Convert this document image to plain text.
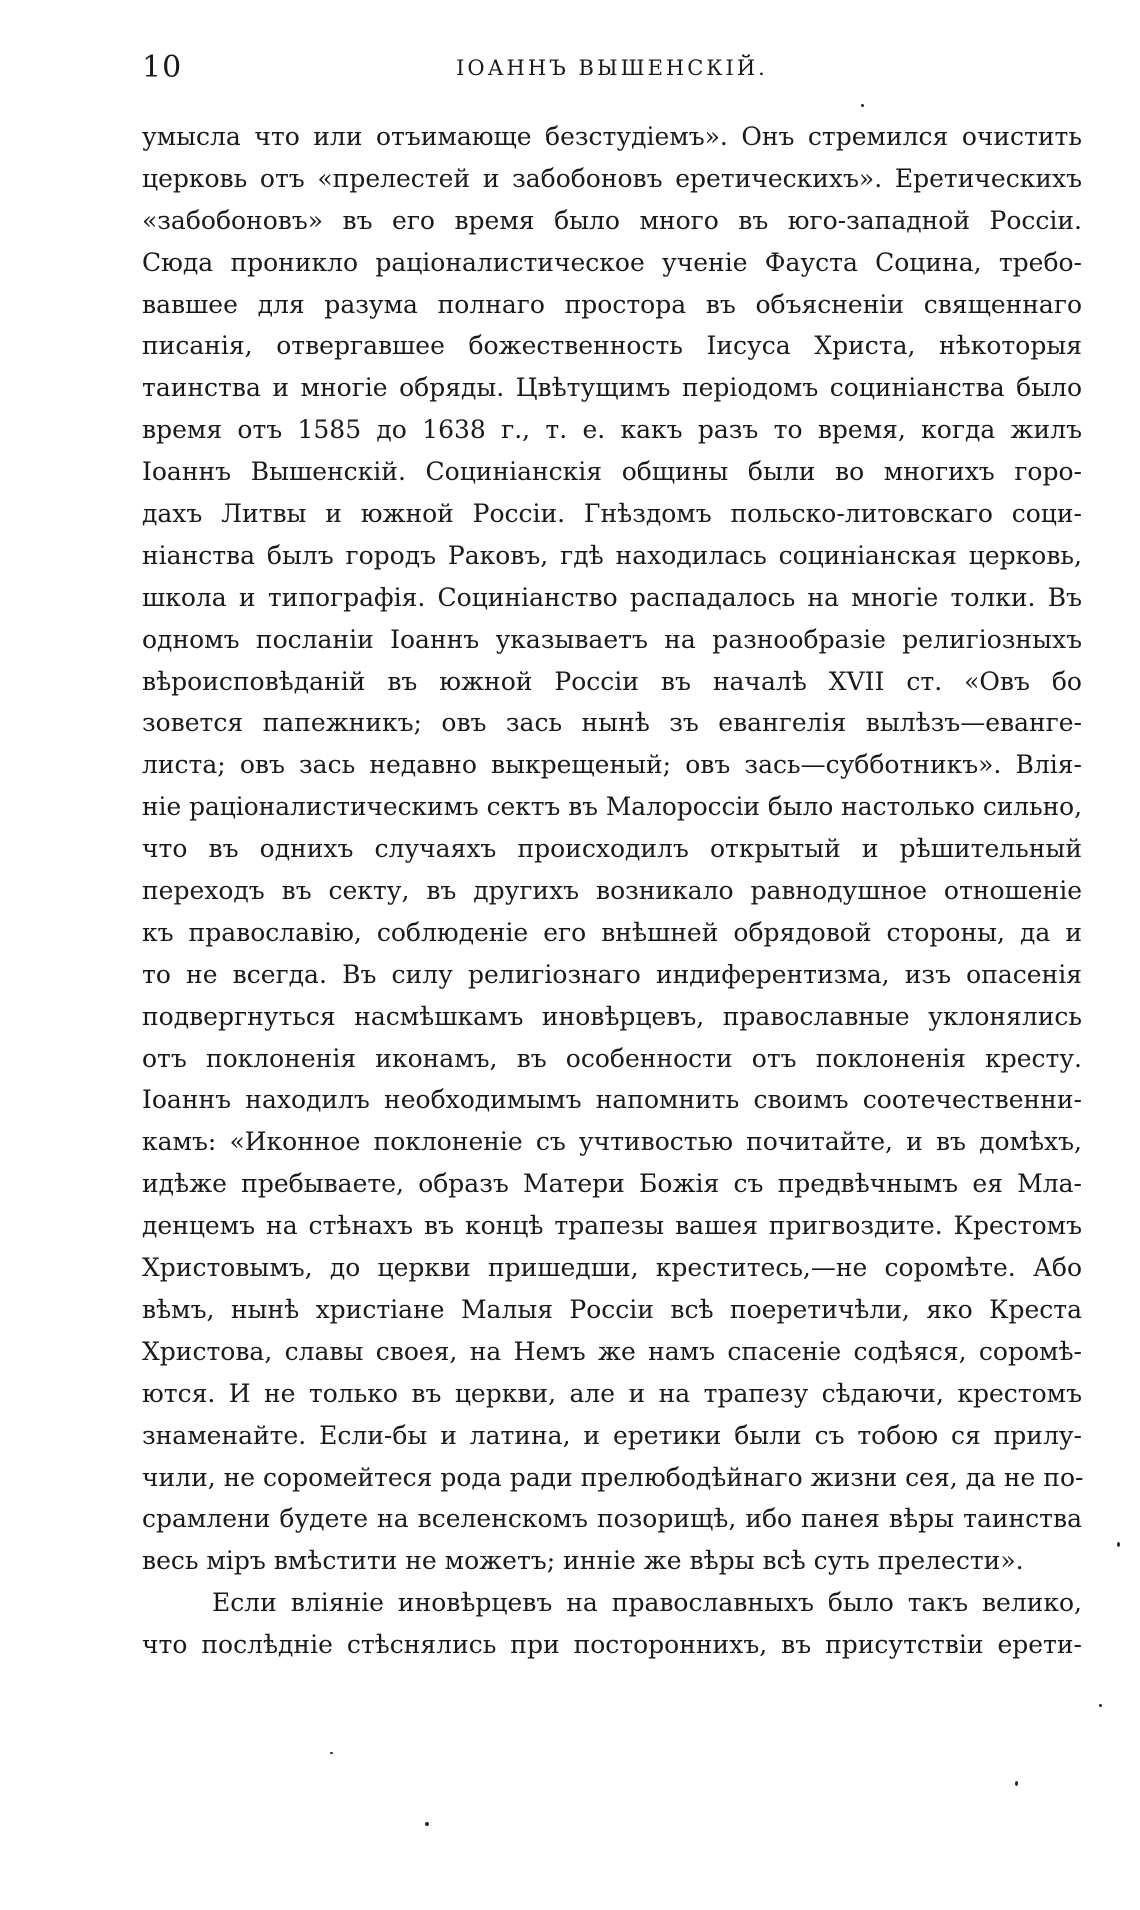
10	ІОАННЪ ВЫШЕНСКІЙ.
умысла что или отъимающе безстудіемъ». Онъ стремился очистить
церковь отъ «прелестей и забобоновъ еретическихъ». Еретическихъ
«забобоновъ» въ его время было много въ юго-западной Россіи.
Сюда проникло раціоналистическое ученіе Фауста Социна, требо-
вавшее для разума полнаго простора въ объясненіи священнаго
писанія, отвергавшее божественность Іисуса Христа, нѣкоторыя
таинства и многіе обряды. Цвѣтущимъ періодомъ социніанства было
время отъ 1585 до 1638 г., т. е. какъ разъ то время, когда жилъ
Іоаннъ Вышенскій. Социніанскія общины были во многихъ горо-
дахъ Литвы и южной Россіи. Гнѣздомъ польско-литовскаго соци-
ніанства былъ городъ Раковъ, гдѣ находилась социніанская церковь,
школа и типографія. Социніанство распадалось на многіе толки. Въ
одномъ посланіи Іоаннъ указываетъ на разнообразіе религіозныхъ
вѣроисповѣданій въ южной Россіи въ началѣ XVII ст. «Овъ бо
зовется папежникъ; овъ зась нынѣ зъ евангелія вылѣзъ—еванге-
листа; овъ зась недавно выкрещеный; овъ зась—субботникъ». Влія-
ніе раціоналистическимъ сектъ въ Малороссіи было настолько сильно,
что въ однихъ случаяхъ происходилъ открытый и рѣшительный
переходъ въ секту, въ другихъ возникало равнодушное отношеніе
къ православію, соблюденіе его внѣшней обрядовой стороны, да и
то не всегда. Въ силу религіознаго индиферентизма, изъ опасенія
подвергнуться насмѣшкамъ иновѣрцевъ, православные уклонялись
отъ поклоненія иконамъ, въ особенности отъ поклоненія кресту.
Іоаннъ находилъ необходимымъ напомнить своимъ соотечественни-
камъ: «Иконное поклоненіе съ учтивостью почитайте, и въ домѣхъ,
идѣже пребываете, образъ Матери Божія съ предвѣчнымъ ея Мла-
денцемъ на стѣнахъ въ концѣ трапезы вашея пригвоздите. Крестомъ
Христовымъ, до церкви пришедши, креститесь,—не соромѣте. Або
вѣмъ, нынѣ христіане Малыя Россіи всѣ поеретичѣли, яко Креста
Христова, славы своея, на Немъ же намъ спасеніе содѣяся, соромѣ-
ются. И не только въ церкви, але и на трапезу сѣдаючи, крестомъ
знаменайте. Если-бы и латина, и еретики были съ тобою ся прилу-
чили, не соромейтеся рода ради прелюбодѣйнаго жизни сея, да не по-
срамлени будете на вселенскомъ позорищѣ, ибо панея вѣры таинства
весь міръ вмѣстити не можетъ; инніе же вѣры всѣ суть прелести».
Если вліяніе иновѣрцевъ на православныхъ было такъ велико,
что послѣдніе стѣснялись при постороннихъ, въ присутствіи ерети-
